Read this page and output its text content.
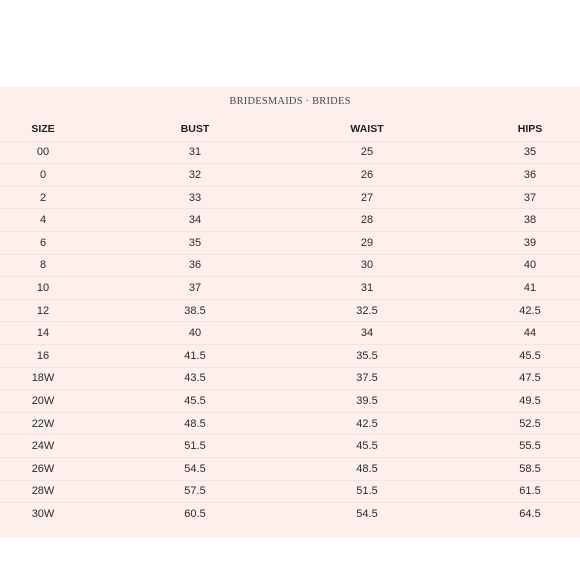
BRIDESMAIDS · BRIDES
SIZE	BUST	WAIST	HIPS
00	31	25	35
0	32	26	36
2	33	27	37
4	34	28	38
6	35	29	39
8	36	30	40
10	37	31	41
12	38.5	32.5	42.5
14	40	34	44
16	41.5	35.5	45.5
18W	43.5	37.5	47.5
20W	45.5	39.5	49.5
22W	48.5	42.5	52.5
24W	51.5	45.5	55.5
26W	54.5	48.5	58.5
28W	57.5	51.5	61.5
30W	60.5	54.5	64.5
